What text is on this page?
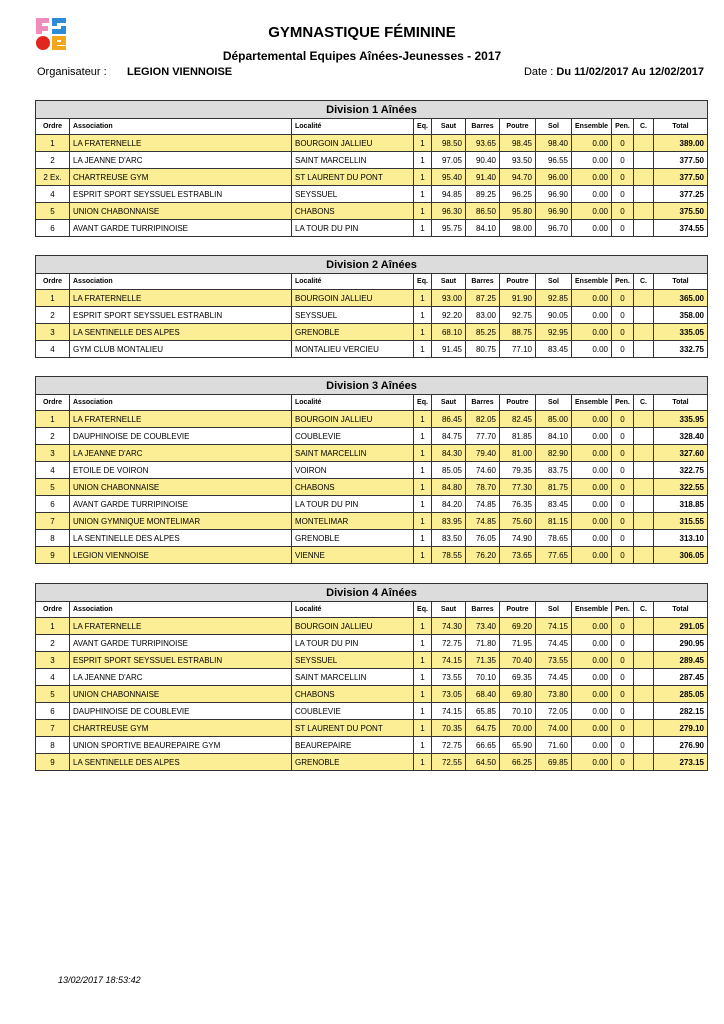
GYMNASTIQUE FÉMININE
Départemental Equipes Aînées-Jeunesses - 2017
Organisateur : LEGION VIENNOISE	Date : Du 11/02/2017 Au 12/02/2017
Division 1 Aînées											
Ordre	Association	Localité	Eq.	Saut	Barres	Poutre	Sol	Ensemble	Pen.	C.	Total
1	LA FRATERNELLE	BOURGOIN JALLIEU	1	98.50	93.65	98.45	98.40	0.00	0		389.00
2	LA JEANNE D'ARC	SAINT MARCELLIN	1	97.05	90.40	93.50	96.55	0.00	0		377.50
2 Ex.	CHARTREUSE GYM	ST LAURENT DU PONT	1	95.40	91.40	94.70	96.00	0.00	0		377.50
4	ESPRIT SPORT SEYSSUEL ESTRABLIN	SEYSSUEL	1	94.85	89.25	96.25	96.90	0.00	0		377.25
5	UNION CHABONNAISE	CHABONS	1	96.30	86.50	95.80	96.90	0.00	0		375.50
6	AVANT GARDE TURRIPINOISE	LA TOUR DU PIN	1	95.75	84.10	98.00	96.70	0.00	0		374.55
Division 2 Aînées											
Ordre	Association	Localité	Eq.	Saut	Barres	Poutre	Sol	Ensemble	Pen.	C.	Total
1	LA FRATERNELLE	BOURGOIN JALLIEU	1	93.00	87.25	91.90	92.85	0.00	0		365.00
2	ESPRIT SPORT SEYSSUEL ESTRABLIN	SEYSSUEL	1	92.20	83.00	92.75	90.05	0.00	0		358.00
3	LA SENTINELLE DES ALPES	GRENOBLE	1	68.10	85.25	88.75	92.95	0.00	0		335.05
4	GYM CLUB MONTALIEU	MONTALIEU VERCIEU	1	91.45	80.75	77.10	83.45	0.00	0		332.75
Division 3 Aînées											
Ordre	Association	Localité	Eq.	Saut	Barres	Poutre	Sol	Ensemble	Pen.	C.	Total
1	LA FRATERNELLE	BOURGOIN JALLIEU	1	86.45	82.05	82.45	85.00	0.00	0		335.95
2	DAUPHINOISE DE COUBLEVIE	COUBLEVIE	1	84.75	77.70	81.85	84.10	0.00	0		328.40
3	LA JEANNE D'ARC	SAINT MARCELLIN	1	84.30	79.40	81.00	82.90	0.00	0		327.60
4	ETOILE DE VOIRON	VOIRON	1	85.05	74.60	79.35	83.75	0.00	0		322.75
5	UNION CHABONNAISE	CHABONS	1	84.80	78.70	77.30	81.75	0.00	0		322.55
6	AVANT GARDE TURRIPINOISE	LA TOUR DU PIN	1	84.20	74.85	76.35	83.45	0.00	0		318.85
7	UNION GYMNIQUE MONTELIMAR	MONTELIMAR	1	83.95	74.85	75.60	81.15	0.00	0		315.55
8	LA SENTINELLE DES ALPES	GRENOBLE	1	83.50	76.05	74.90	78.65	0.00	0		313.10
9	LEGION VIENNOISE	VIENNE	1	78.55	76.20	73.65	77.65	0.00	0		306.05
Division 4 Aînées											
Ordre	Association	Localité	Eq.	Saut	Barres	Poutre	Sol	Ensemble	Pen.	C.	Total
1	LA FRATERNELLE	BOURGOIN JALLIEU	1	74.30	73.40	69.20	74.15	0.00	0		291.05
2	AVANT GARDE TURRIPINOISE	LA TOUR DU PIN	1	72.75	71.80	71.95	74.45	0.00	0		290.95
3	ESPRIT SPORT SEYSSUEL ESTRABLIN	SEYSSUEL	1	74.15	71.35	70.40	73.55	0.00	0		289.45
4	LA JEANNE D'ARC	SAINT MARCELLIN	1	73.55	70.10	69.35	74.45	0.00	0		287.45
5	UNION CHABONNAISE	CHABONS	1	73.05	68.40	69.80	73.80	0.00	0		285.05
6	DAUPHINOISE DE COUBLEVIE	COUBLEVIE	1	74.15	65.85	70.10	72.05	0.00	0		282.15
7	CHARTREUSE GYM	ST LAURENT DU PONT	1	70.35	64.75	70.00	74.00	0.00	0		279.10
8	UNION SPORTIVE BEAUREPAIRE GYM	BEAUREPAIRE	1	72.75	66.65	65.90	71.60	0.00	0		276.90
9	LA SENTINELLE DES ALPES	GRENOBLE	1	72.55	64.50	66.25	69.85	0.00	0		273.15
13/02/2017 18:53:42
